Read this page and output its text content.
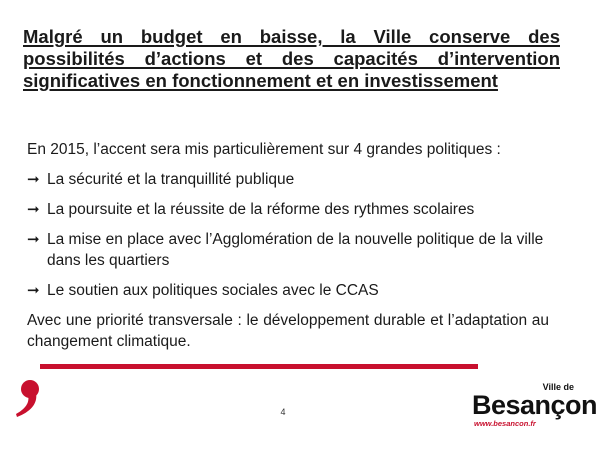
Malgré un budget en baisse, la Ville conserve des possibilités d’actions et des capacités d’intervention significatives en fonctionnement et en investissement

En 2015, l’accent sera mis particulièrement sur 4 grandes politiques :

➞ La sécurité et la tranquillité publique
➞ La poursuite et la réussite de la réforme des rythmes scolaires
➞ La mise en place avec l’Agglomération de la nouvelle politique de la ville dans les quartiers
➞ Le soutien aux politiques sociales avec le CCAS

Avec une priorité transversale : le développement durable et l’adaptation au changement climatique.

4
Ville de
Besançon
www.besancon.fr
